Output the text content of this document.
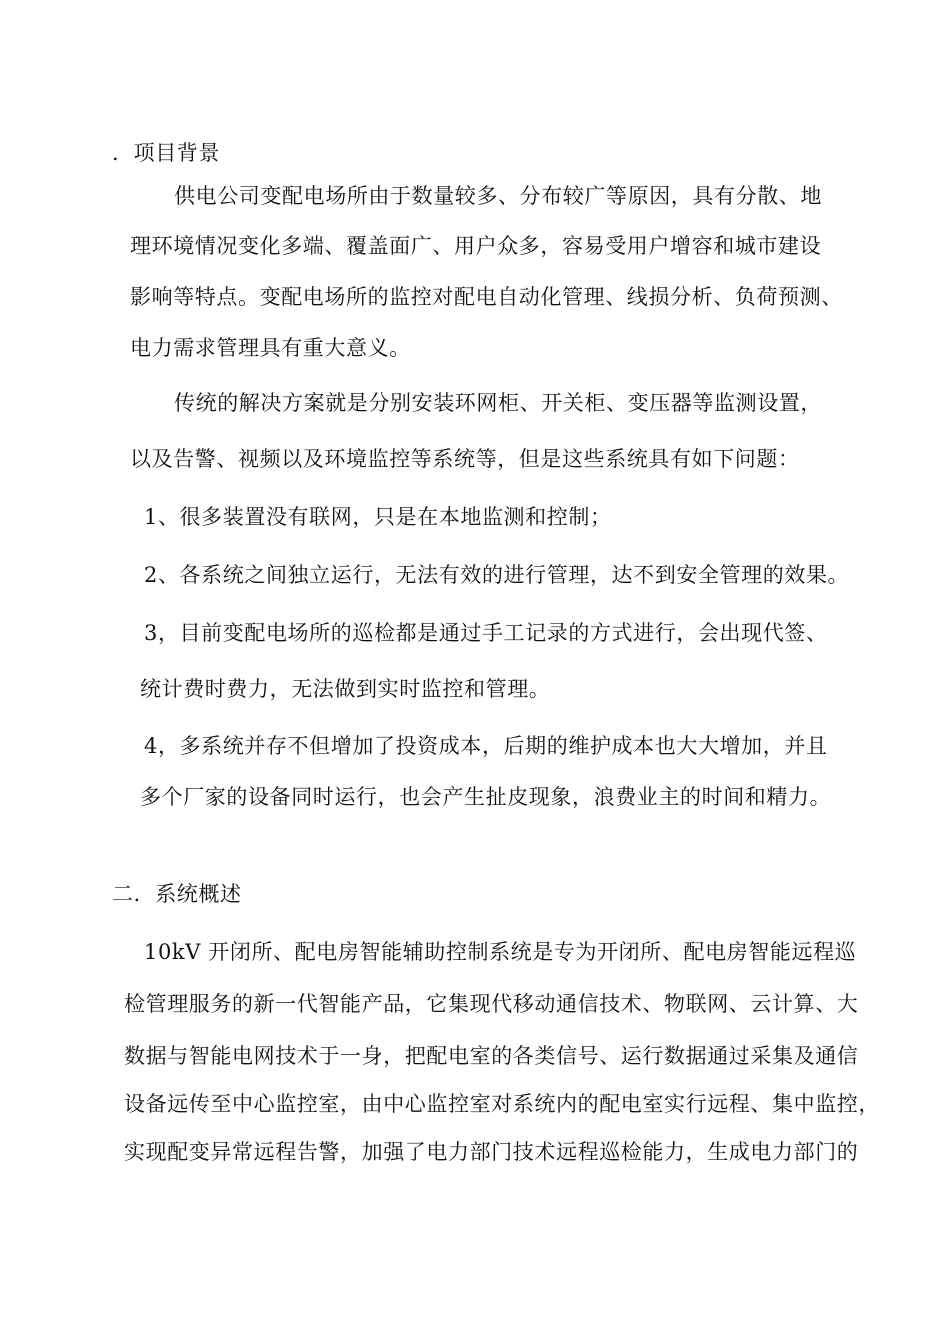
．项目背景
供电公司变配电场所由于数量较多、分布较广等原因，具有分散、地
理环境情况变化多端、覆盖面广、用户众多，容易受用户增容和城市建设
影响等特点。变配电场所的监控对配电自动化管理、线损分析、负荷预测、
电力需求管理具有重大意义。
传统的解决方案就是分别安装环网柜、开关柜、变压器等监测设置，
以及告警、视频以及环境监控等系统等，但是这些系统具有如下问题：
1、很多装置没有联网，只是在本地监测和控制；
2、各系统之间独立运行，无法有效的进行管理，达不到安全管理的效果。
3，目前变配电场所的巡检都是通过手工记录的方式进行，会出现代签、
统计费时费力，无法做到实时监控和管理。
4，多系统并存不但增加了投资成本，后期的维护成本也大大增加，并且
多个厂家的设备同时运行，也会产生扯皮现象，浪费业主的时间和精力。
二．系统概述
10kV 开闭所、配电房智能辅助控制系统是专为开闭所、配电房智能远程巡
检管理服务的新一代智能产品，它集现代移动通信技术、物联网、云计算、大
数据与智能电网技术于一身，把配电室的各类信号、运行数据通过采集及通信
设备远传至中心监控室，由中心监控室对系统内的配电室实行远程、集中监控，
实现配变异常远程告警，加强了电力部门技术远程巡检能力，生成电力部门的
